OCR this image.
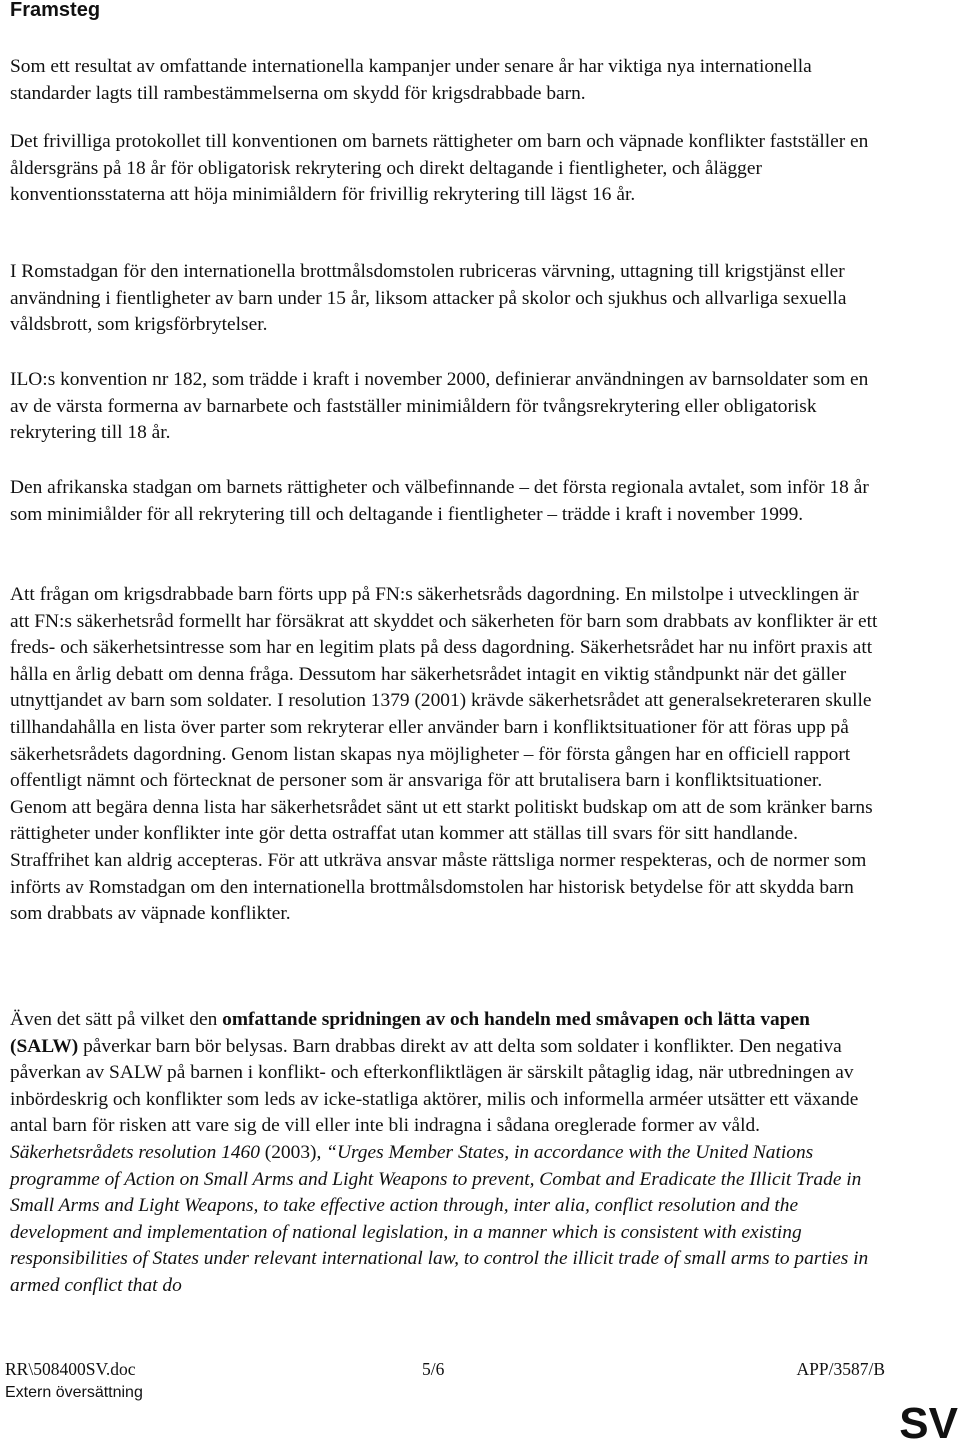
Framsteg

Som ett resultat av omfattande internationella kampanjer under senare år har viktiga nya internationella standarder lagts till rambestämmelserna om skydd för krigsdrabbade barn.

Det frivilliga protokollet till konventionen om barnets rättigheter om barn och väpnade konflikter fastställer en åldersgräns på 18 år för obligatorisk rekrytering och direkt deltagande i fientligheter, och ålägger konventionsstaterna att höja minimiåldern för frivillig rekrytering till lägst 16 år.

I Romstadgan för den internationella brottmålsdomstolen rubriceras värvning, uttagning till krigstjänst eller användning i fientligheter av barn under 15 år, liksom attacker på skolor och sjukhus och allvarliga sexuella våldsbrott, som krigsförbrytelser.

ILO:s konvention nr 182, som trädde i kraft i november 2000, definierar användningen av barnsoldater som en av de värsta formerna av barnarbete och fastställer minimiåldern för tvångsrekrytering eller obligatorisk rekrytering till 18 år.

Den afrikanska stadgan om barnets rättigheter och välbefinnande – det första regionala avtalet, som inför 18 år som minimiålder för all rekrytering till och deltagande i fientligheter – trädde i kraft i november 1999.

Att frågan om krigsdrabbade barn förts upp på FN:s säkerhetsråds dagordning. En milstolpe i utvecklingen är att FN:s säkerhetsråd formellt har försäkrat att skyddet och säkerheten för barn som drabbats av konflikter är ett freds- och säkerhetsintresse som har en legitim plats på dess dagordning. Säkerhetsrådet har nu infört praxis att hålla en årlig debatt om denna fråga. Dessutom har säkerhetsrådet intagit en viktig ståndpunkt när det gäller utnyttjandet av barn som soldater. I resolution 1379 (2001) krävde säkerhetsrådet att generalsekreteraren skulle tillhandahålla en lista över parter som rekryterar eller använder barn i konfliktsituationer för att föras upp på säkerhetsrådets dagordning. Genom listan skapas nya möjligheter – för första gången har en officiell rapport offentligt nämnt och förtecknat de personer som är ansvariga för att brutalisera barn i konfliktsituationer. Genom att begära denna lista har säkerhetsrådet sänt ut ett starkt politiskt budskap om att de som kränker barns rättigheter under konflikter inte gör detta ostraffat utan kommer att ställas till svars för sitt handlande. Straffrihet kan aldrig accepteras. För att utkräva ansvar måste rättsliga normer respekteras, och de normer som införts av Romstadgan om den internationella brottmålsdomstolen har historisk betydelse för att skydda barn som drabbats av väpnade konflikter.

Även det sätt på vilket den omfattande spridningen av och handeln med småvapen och lätta vapen (SALW) påverkar barn bör belysas. Barn drabbas direkt av att delta som soldater i konflikter. Den negativa påverkan av SALW på barnen i konflikt- och efterkonfliktlägen är särskilt påtaglig idag, när utbredningen av inbördeskrig och konflikter som leds av icke-statliga aktörer, milis och informella arméer utsätter ett växande antal barn för risken att vare sig de vill eller inte bli indragna i sådana oreglerade former av våld. Säkerhetsrådets resolution 1460 (2003), “Urges Member States, in accordance with the United Nations programme of Action on Small Arms and Light Weapons to prevent, Combat and Eradicate the Illicit Trade in Small Arms and Light Weapons, to take effective action through, inter alia, conflict resolution and the development and implementation of national legislation, in a manner which is consistent with existing responsibilities of States under relevant international law, to control the illicit trade of small arms to parties in armed conflict that do

RR\508400SV.doc	5/6	APP/3587/B
Extern översättning
SV
